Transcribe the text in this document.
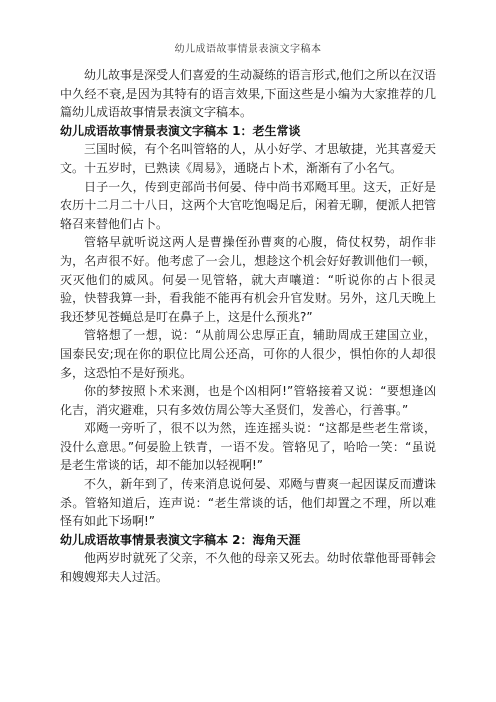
幼儿成语故事情景表演文字稿本

幼儿故事是深受人们喜爱的生动凝练的语言形式,他们之所以在汉语中久经不衰,是因为其特有的语言效果,下面这些是小编为大家推荐的几篇幼儿成语故事情景表演文字稿本。

幼儿成语故事情景表演文字稿本 1：老生常谈

三国时候，有个名叫管辂的人，从小好学、才思敏捷，光其喜爱天文。十五岁时，已熟读《周易》，通晓占卜术，渐渐有了小名气。

日子一久，传到吏部尚书何晏、侍中尚书邓飏耳里。这天，正好是农历十二月二十八日，这两个大官吃饱喝足后，闲着无聊，便派人把管辂召来替他们占卜。

管辂早就听说这两人是曹操侄孙曹爽的心腹，倚仗权势，胡作非为，名声很不好。他考虑了一会儿，想趁这个机会好好教训他们一顿，灭灭他们的威风。何晏一见管辂，就大声嚷道：“听说你的占卜很灵验，快替我算一卦，看我能不能再有机会升官发财。另外，这几天晚上我还梦见苍蝇总是叮在鼻子上，这是什么预兆?”

管辂想了一想，说：“从前周公忠厚正直，辅助周成王建国立业，国泰民安;现在你的职位比周公还高，可你的人很少，惧怕你的人却很多，这恐怕不是好预兆。

你的梦按照卜术来测，也是个凶相阿!”管辂接着又说：“要想逢凶化吉，消灾避难，只有多效仿周公等大圣贤们，发善心，行善事。”

邓飏一旁听了，很不以为然，连连摇头说：“这都是些老生常谈，没什么意思。”何晏脸上铁青，一语不发。管辂见了，哈哈一笑：“虽说是老生常谈的话，却不能加以轻视啊!”

不久，新年到了，传来消息说何晏、邓飏与曹爽一起因谋反而遭诛杀。管辂知道后，连声说：“老生常谈的话，他们却置之不理，所以难怪有如此下场啊!”

幼儿成语故事情景表演文字稿本 2：海角天涯

他两岁时就死了父亲，不久他的母亲又死去。幼时依靠他哥哥韩会和嫂嫂郑夫人过活。
